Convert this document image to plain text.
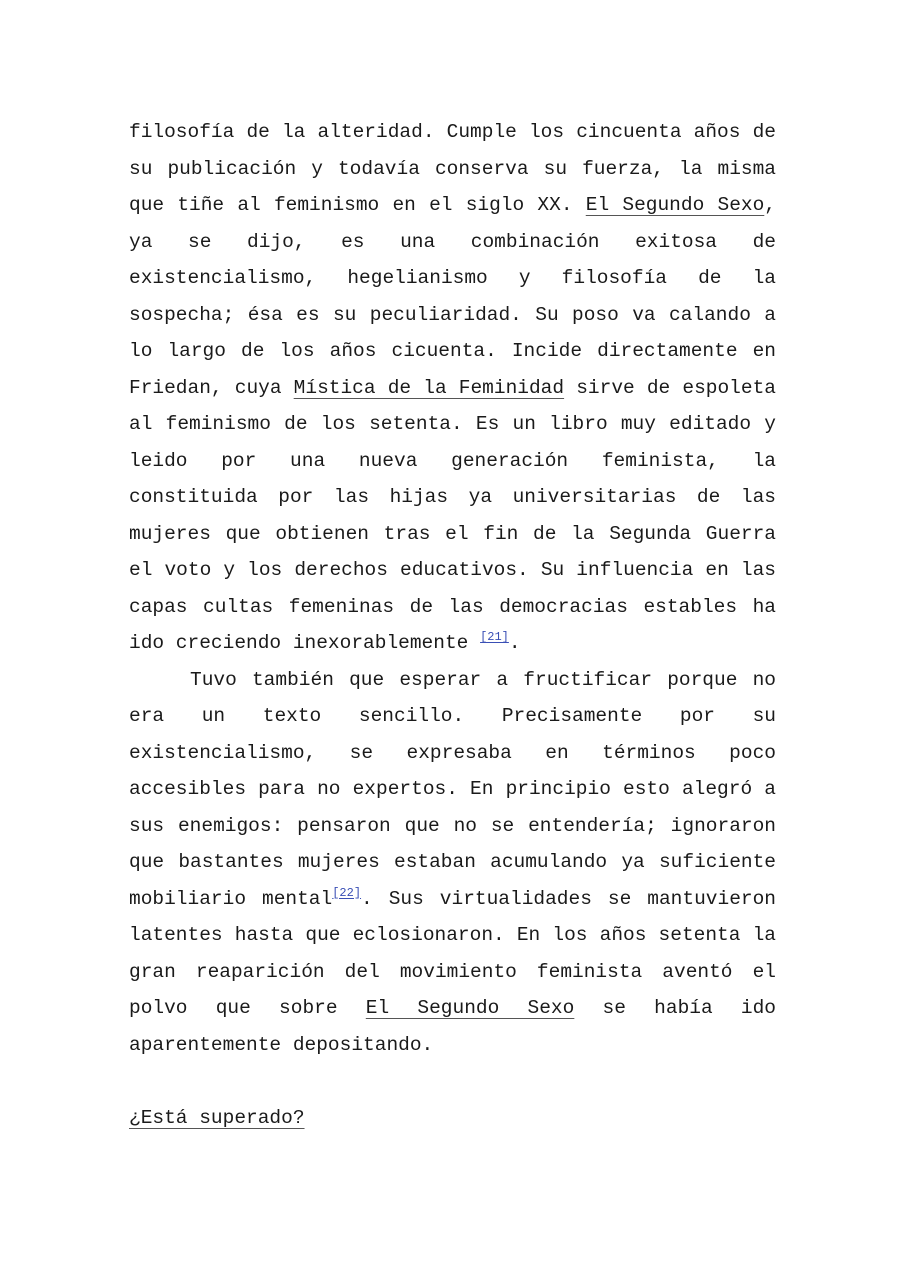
filosofía de la alteridad. Cumple los cincuenta años de su publicación y todavía conserva su fuerza, la misma que tiñe al feminismo en el siglo XX. El Segundo Sexo, ya se dijo, es una combinación exitosa de existencialismo, hegelianismo y filosofía de la sospecha; ésa es su peculiaridad. Su poso va calando a lo largo de los años cicuenta. Incide directamente en Friedan, cuya Mística de la Feminidad sirve de espoleta al feminismo de los setenta. Es un libro muy editado y leido por una nueva generación feminista, la constituida por las hijas ya universitarias de las mujeres que obtienen tras el fin de la Segunda Guerra el voto y los derechos educativos. Su influencia en las capas cultas femeninas de las democracias estables ha ido creciendo inexorablemente [21].

Tuvo también que esperar a fructificar porque no era un texto sencillo. Precisamente por su existencialismo, se expresaba en términos poco accesibles para no expertos. En principio esto alegró a sus enemigos: pensaron que no se entendería; ignoraron que bastantes mujeres estaban acumulando ya suficiente mobiliario mental[22]. Sus virtualidades se mantuvieron latentes hasta que eclosionaron. En los años setenta la gran reaparición del movimiento feminista aventó el polvo que sobre El Segundo Sexo se había ido aparentemente depositando.

¿Está superado?
